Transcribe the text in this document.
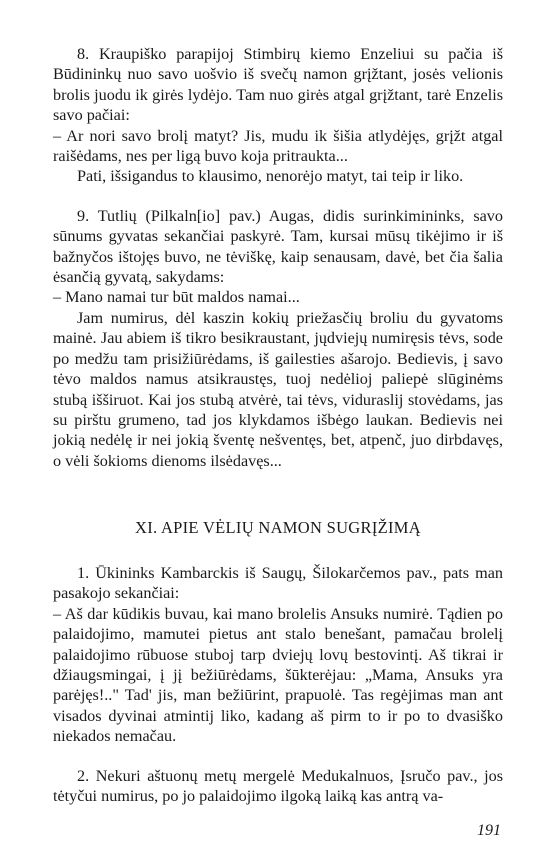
8. Kraupiško parapijoj Stimbirų kiemo Enzeliui su pačia iš Būdininkų nuo savo uošvio iš svečų namon grįžtant, josės velionis brolis juodu ik girės lydėjo. Tam nuo girės atgal grįžtant, tarė Enzelis savo pačiai:

– Ar nori savo brolį matyt? Jis, mudu ik šišia atlydėjęs, grįžt atgal raišėdams, nes per ligą buvo koja pritraukta...

Pati, išsigandus to klausimo, nenorėjo matyt, tai teip ir liko.

9. Tutlių (Pilkaln[io] pav.) Augas, didis surinkimininks, savo sūnums gyvatas sekančiai paskyrė. Tam, kursai mūsų tikėjimo ir iš bažnyčos ištojęs buvo, ne tėviškę, kaip senausam, davė, bet čia šalia ėsančią gyvatą, sakydams:

– Mano namai tur būt maldos namai...

Jam numirus, dėl kaszin kokių priežasčių broliu du gyvatoms mainė. Jau abiem iš tikro besikraustant, jųdviejų numiręsis tėvs, sode po medžu tam prisižiūrėdams, iš gailesties ašarojo. Bedievis, į savo tėvo maldos namus atsikraustęs, tuoj nedėlioj paliepė slūginėms stubą išširuot. Kai jos stubą atvėrė, tai tėvs, viduraslij stovėdams, jas su pirštu grumeno, tad jos klykdamos išbėgo laukan. Bedievis nei jokią nedėlę ir nei jokią šventę nešventęs, bet, atpenč, juo dirbdavęs, o vėli šokioms dienoms ilsėdavęs...

XI. APIE VĖLIŲ NAMON SUGRĮŽIMĄ

1. Ūkininks Kambarckis iš Saugų, Šilokarčemos pav., pats man pasakojo sekančiai:

– Aš dar kūdikis buvau, kai mano brolelis Ansuks numirė. Tądien po palaidojimo, mamutei pietus ant stalo benešant, pamačau brolelį palaidojimo rūbuose stuboj tarp dviejų lovų bestovintį. Aš tikrai ir džiaugsmingai, į jį bežiūrėdams, šūkterėjau: „Mama, Ansuks yra parėjęs!.." Tad' jis, man bežiūrint, prapuolė. Tas regėjimas man ant visados dyvinai atmintij liko, kadang aš pirm to ir po to dvasiško niekados nemačau.

2. Nekuri aštuonų metų mergelė Medukalnuos, Įsručo pav., jos tėtyčui numirus, po jo palaidojimo ilgoką laiką kas antrą va-

191
